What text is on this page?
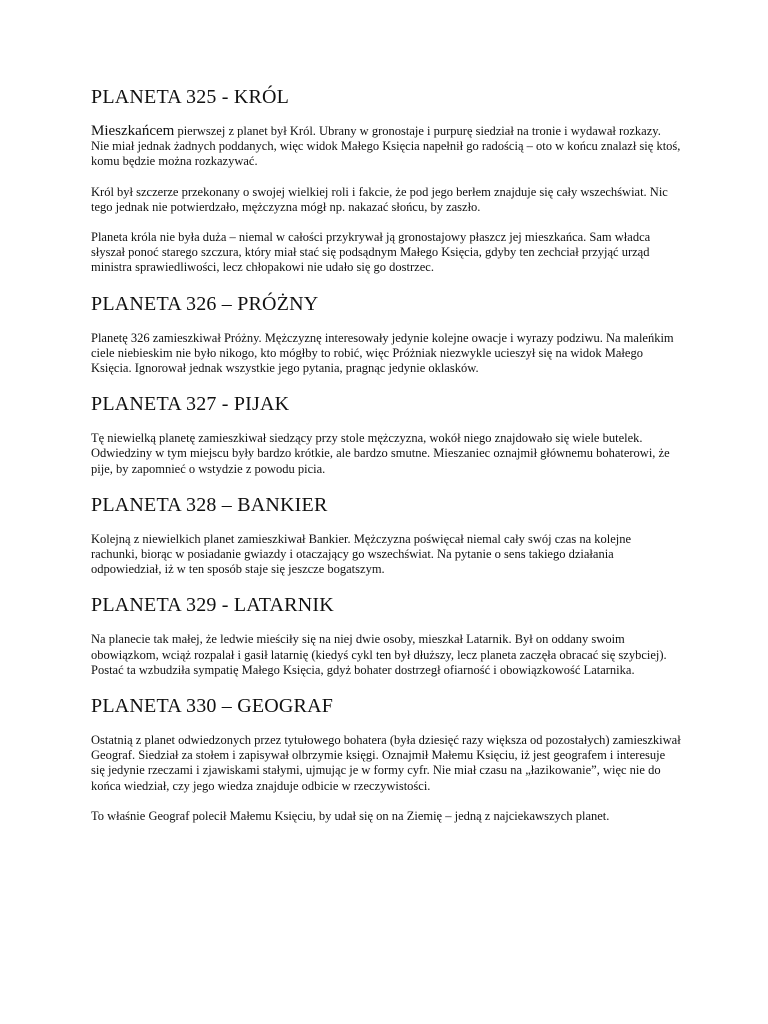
PLANETA 325 - KRÓL

Mieszkańcem pierwszej z planet był Król. Ubrany w gronostaje i purpurę siedział na tronie i wydawał rozkazy. Nie miał jednak żadnych poddanych, więc widok Małego Księcia napełnił go radością – oto w końcu znalazł się ktoś, komu będzie można rozkazywać.

Król był szczerze przekonany o swojej wielkiej roli i fakcie, że pod jego berłem znajduje się cały wszechświat. Nic tego jednak nie potwierdzało, mężczyzna mógł np. nakazać słońcu, by zaszło.

Planeta króla nie była duża – niemal w całości przykrywał ją gronostajowy płaszcz jej mieszkańca. Sam władca słyszał ponoć starego szczura, który miał stać się podsądnym Małego Księcia, gdyby ten zechciał przyjąć urząd ministra sprawiedliwości, lecz chłopakowi nie udało się go dostrzec.

PLANETA 326 – PRÓŻNY

Planetę 326 zamieszkiwał Próżny. Mężczyznę interesowały jedynie kolejne owacje i wyrazy podziwu. Na maleńkim ciele niebieskim nie było nikogo, kto mógłby to robić, więc Próżniak niezwykle ucieszył się na widok Małego Księcia. Ignorował jednak wszystkie jego pytania, pragnąc jedynie oklasków.

PLANETA 327 - PIJAK

Tę niewielką planetę zamieszkiwał siedzący przy stole mężczyzna, wokół niego znajdowało się wiele butelek. Odwiedziny w tym miejscu były bardzo krótkie, ale bardzo smutne. Mieszaniec oznajmił głównemu bohaterowi, że pije, by zapomnieć o wstydzie z powodu picia.

PLANETA 328 – BANKIER

Kolejną z niewielkich planet zamieszkiwał Bankier. Mężczyzna poświęcał niemal cały swój czas na kolejne rachunki, biorąc w posiadanie gwiazdy i otaczający go wszechświat. Na pytanie o sens takiego działania odpowiedział, iż w ten sposób staje się jeszcze bogatszym.

PLANETA 329 - LATARNIK

Na planecie tak małej, że ledwie mieściły się na niej dwie osoby, mieszkał Latarnik. Był on oddany swoim obowiązkom, wciąż rozpalał i gasił latarnię (kiedyś cykl ten był dłuższy, lecz planeta zaczęła obracać się szybciej). Postać ta wzbudziła sympatię Małego Księcia, gdyż bohater dostrzegł ofiarność i obowiązkowość Latarnika.

PLANETA 330 – GEOGRAF

Ostatnią z planet odwiedzonych przez tytułowego bohatera (była dziesięć razy większa od pozostałych) zamieszkiwał Geograf. Siedział za stołem i zapisywał olbrzymie księgi. Oznajmił Małemu Księciu, iż jest geografem i interesuje się jedynie rzeczami i zjawiskami stałymi, ujmując je w formy cyfr. Nie miał czasu na „łazikowanie”, więc nie do końca wiedział, czy jego wiedza znajduje odbicie w rzeczywistości.

To właśnie Geograf polecił Małemu Księciu, by udał się on na Ziemię – jedną z najciekawszych planet.
